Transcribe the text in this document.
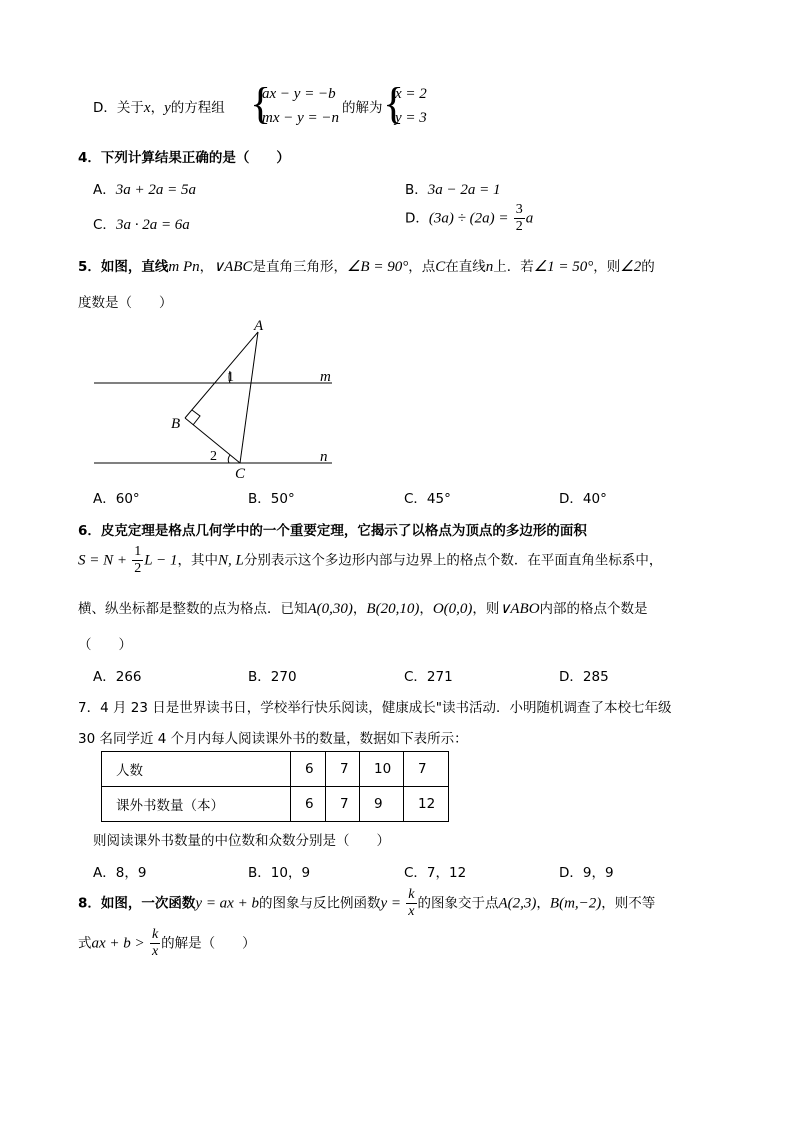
D．关于x，y的方程组 {
ax − y = −b
mx − y = −n
的解为 {
x = 2
y = 3
4．下列计算结果正确的是（　　）
A．3a + 2a = 5a	B．3a − 2a = 1
C．3a · 2a = 6a	D．$(3a) \div (2a) = \frac{3}{2}$ a
5．如图，直线m Pn，∨ABC是直角三角形，∠B = 90°，点C在直线n上．若∠1 = 50°，则∠2的
度数是（　　）
A
B
C
m
n
1
2
A．60°	B．50°	C．45°	D．40°
6．皮克定理是格点几何学中的一个重要定理，它揭示了以格点为顶点的多边形的面积
$S = N + \frac{1}{2}$ L − 1，其中N, L分别表示这个多边形内部与边界上的格点个数．在平面直角坐标系中，
横、纵坐标都是整数的点为格点．已知A(0,30)，B(20,10)，O(0,0)，则∨ABO内部的格点个数是
（　　）
A．266	B．270	C．271	D．285
7．4 月 23 日是世界读书日，学校举行快乐阅读，健康成长"读书活动．小明随机调查了本校七年级
30 名同学近 4 个月内每人阅读课外书的数量，数据如下表所示：
人数	6	7	10	7
课外书数量（本）	6	7	9	12
则阅读课外书数量的中位数和众数分别是（　　）
A．8，9	B．10，9	C．7，12	D．9，9
8．如图，一次函数y = ax + b的图象与反比例函数$y = \frac{k}{x}$ 的图象交于点A(2,3)，B(m,−2)，则不等
式ax + $b > \frac{k}{x}$ 的解是（　　）
